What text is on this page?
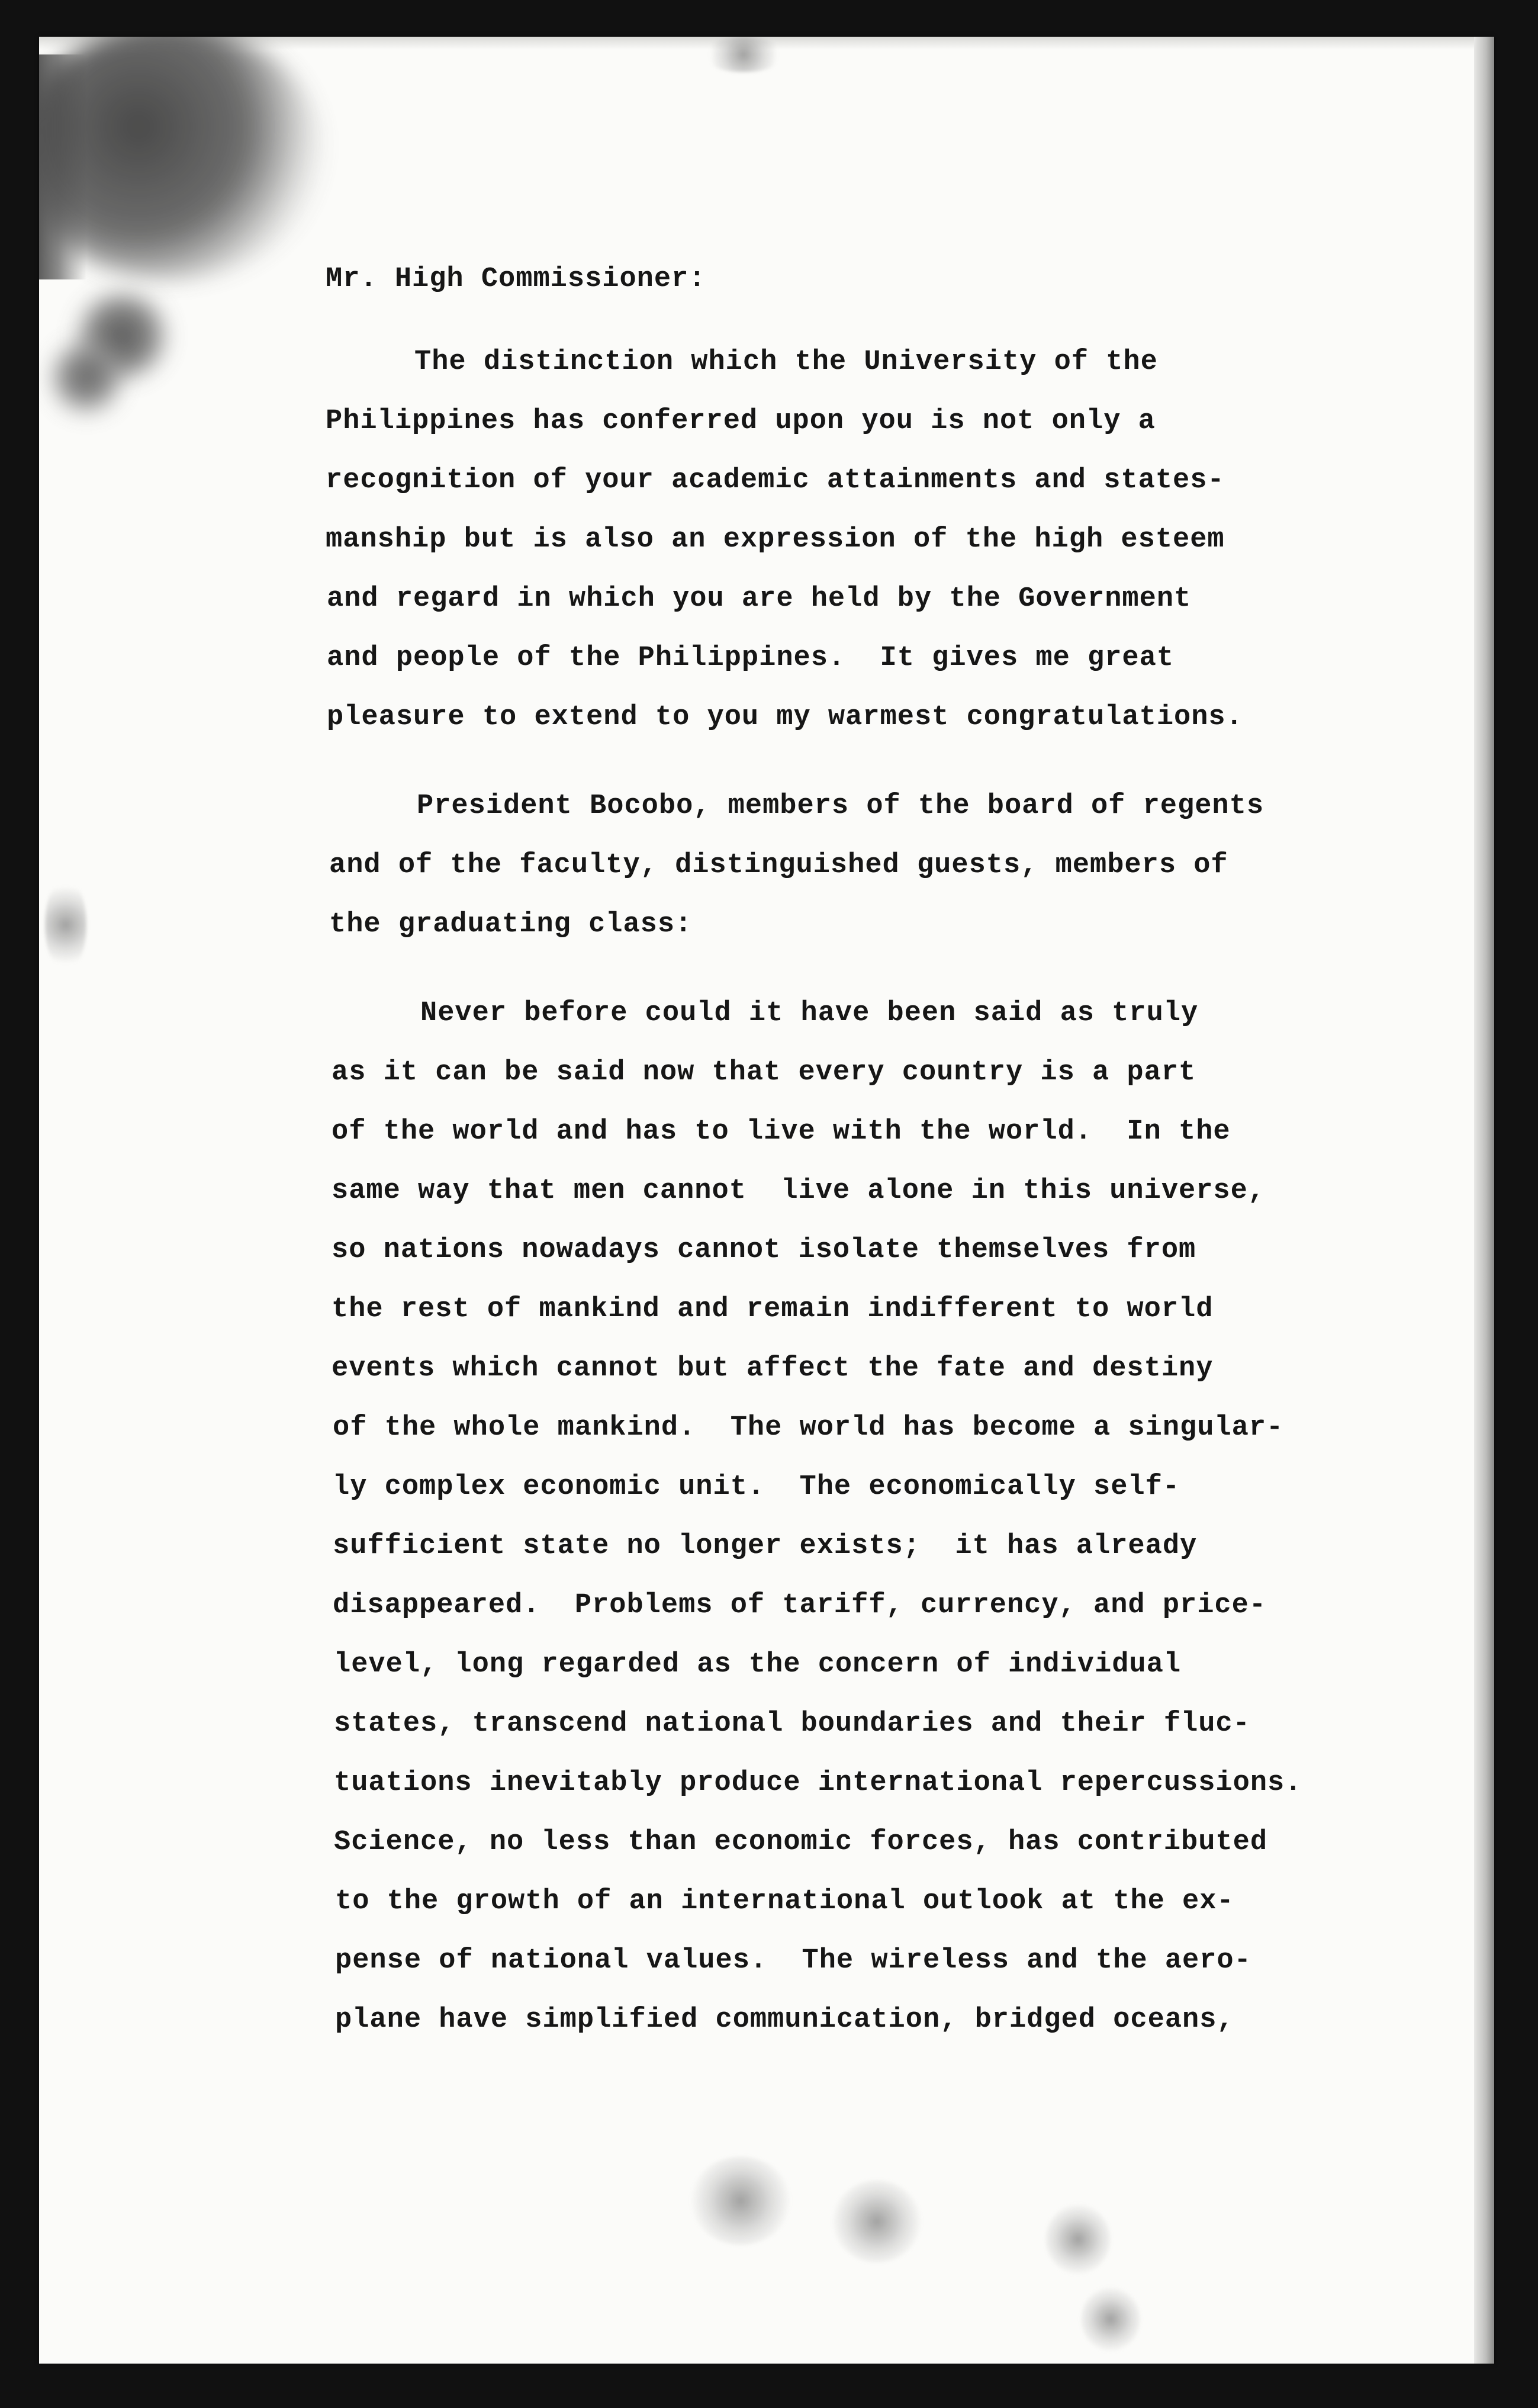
Mr. High Commissioner:

The distinction which the University of the

Philippines has conferred upon you is not only a

recognition of your academic attainments and states-

manship but is also an expression of the high esteem

and regard in which you are held by the Government

and people of the Philippines.  It gives me great

pleasure to extend to you my warmest congratulations.

President Bocobo, members of the board of regents

and of the faculty, distinguished guests, members of

the graduating class:

Never before could it have been said as truly

as it can be said now that every country is a part

of the world and has to live with the world.  In the

same way that men cannot  live alone in this universe,

so nations nowadays cannot isolate themselves from

the rest of mankind and remain indifferent to world

events which cannot but affect the fate and destiny

of the whole mankind.  The world has become a singular-

ly complex economic unit.  The economically self-

sufficient state no longer exists;  it has already

disappeared.  Problems of tariff, currency, and price-

level, long regarded as the concern of individual

states, transcend national boundaries and their fluc-

tuations inevitably produce international repercussions.

Science, no less than economic forces, has contributed

to the growth of an international outlook at the ex-

pense of national values.  The wireless and the aero-

plane have simplified communication, bridged oceans,
